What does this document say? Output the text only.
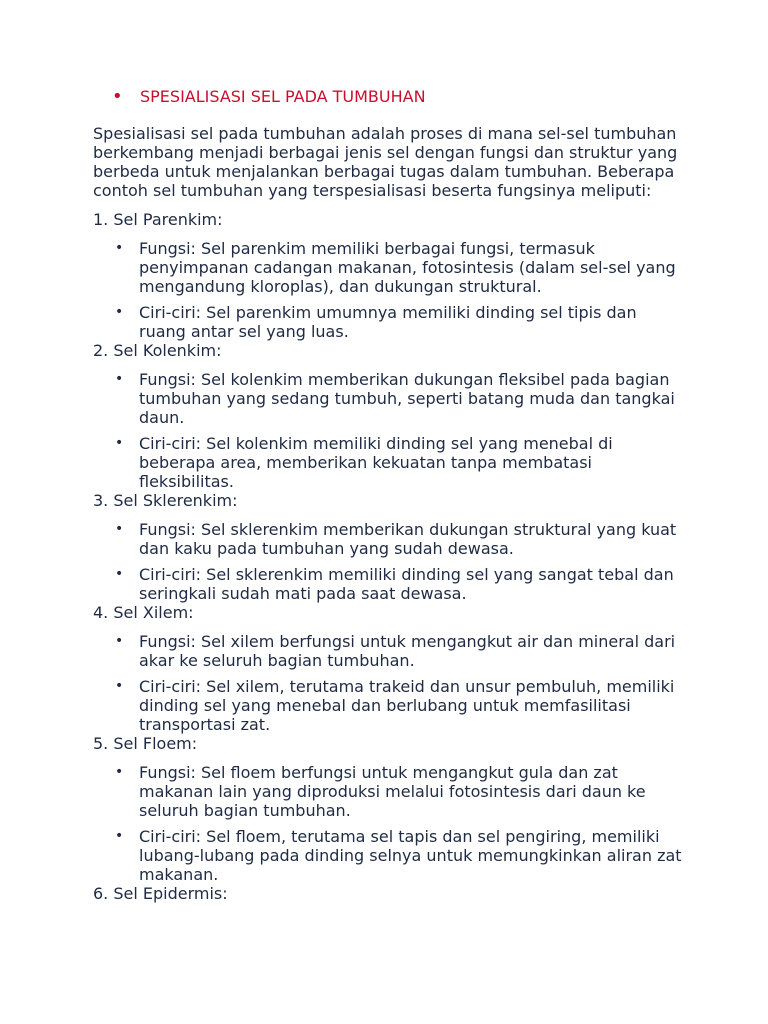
•	SPESIALISASI SEL PADA TUMBUHAN

Spesialisasi sel pada tumbuhan adalah proses di mana sel-sel tumbuhan berkembang menjadi berbagai jenis sel dengan fungsi dan struktur yang berbeda untuk menjalankan berbagai tugas dalam tumbuhan. Beberapa contoh sel tumbuhan yang terspesialisasi beserta fungsinya meliputi:

1. Sel Parenkim:
• Fungsi: Sel parenkim memiliki berbagai fungsi, termasuk penyimpanan cadangan makanan, fotosintesis (dalam sel-sel yang mengandung kloroplas), dan dukungan struktural.
• Ciri-ciri: Sel parenkim umumnya memiliki dinding sel tipis dan ruang antar sel yang luas.
2. Sel Kolenkim:
• Fungsi: Sel kolenkim memberikan dukungan fleksibel pada bagian tumbuhan yang sedang tumbuh, seperti batang muda dan tangkai daun.
• Ciri-ciri: Sel kolenkim memiliki dinding sel yang menebal di beberapa area, memberikan kekuatan tanpa membatasi fleksibilitas.
3. Sel Sklerenkim:
• Fungsi: Sel sklerenkim memberikan dukungan struktural yang kuat dan kaku pada tumbuhan yang sudah dewasa.
• Ciri-ciri: Sel sklerenkim memiliki dinding sel yang sangat tebal dan seringkali sudah mati pada saat dewasa.
4. Sel Xilem:
• Fungsi: Sel xilem berfungsi untuk mengangkut air dan mineral dari akar ke seluruh bagian tumbuhan.
• Ciri-ciri: Sel xilem, terutama trakeid dan unsur pembuluh, memiliki dinding sel yang menebal dan berlubang untuk memfasilitasi transportasi zat.
5. Sel Floem:
• Fungsi: Sel floem berfungsi untuk mengangkut gula dan zat makanan lain yang diproduksi melalui fotosintesis dari daun ke seluruh bagian tumbuhan.
• Ciri-ciri: Sel floem, terutama sel tapis dan sel pengiring, memiliki lubang-lubang pada dinding selnya untuk memungkinkan aliran zat makanan.
6. Sel Epidermis:
